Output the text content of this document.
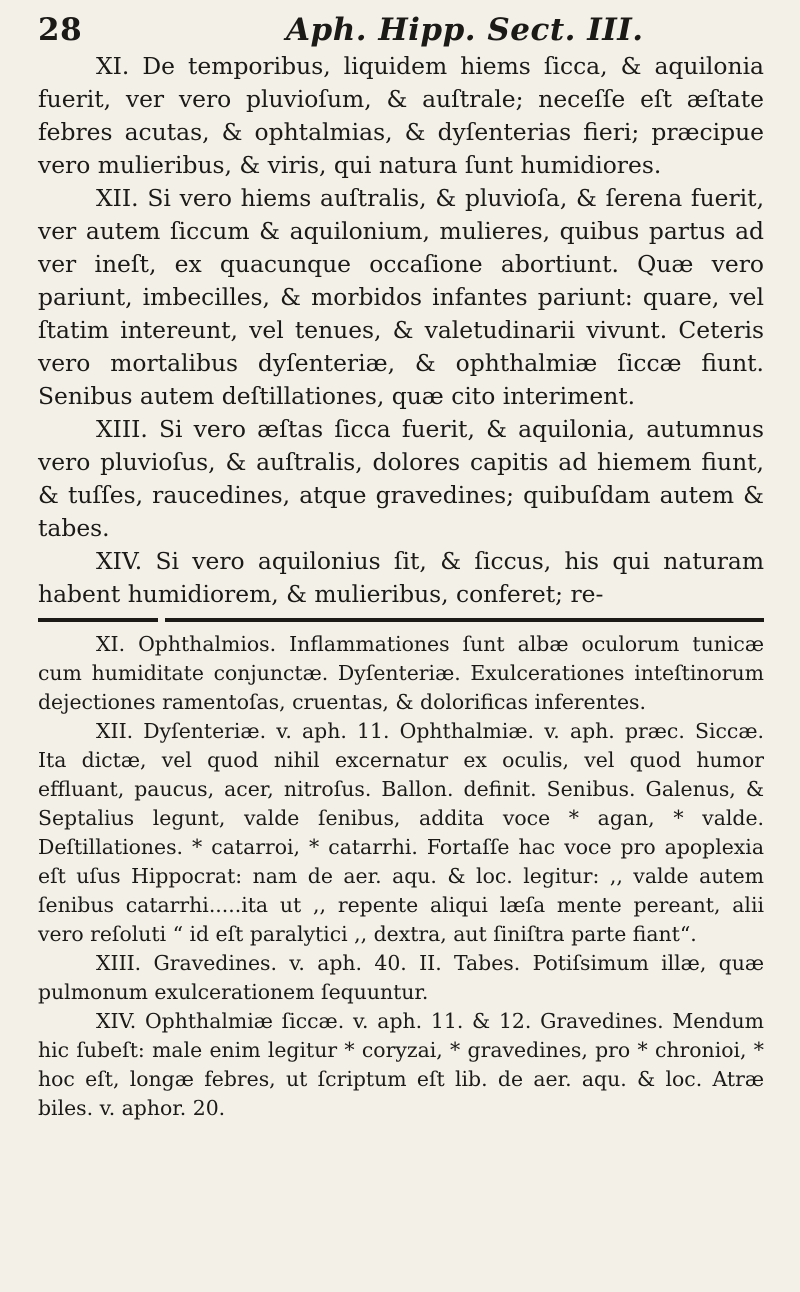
28	Aph. Hipp. Sect. III.

XI. De temporibus, liquidem hiems ſicca, & aquilonia fuerit, ver vero pluvioſum, & auſtrale; neceſſe eſt æſtate febres acutas, & ophtalmias, & dyſenterias fieri; præcipue vero mulieribus, & viris, qui natura ſunt humidiores.

XII. Si vero hiems auſtralis, & pluvioſa, & ſerena fuerit, ver autem ſiccum & aquilonium, mulieres, quibus partus ad ver ineſt, ex quacunque occaſione abortiunt. Quæ vero pariunt, imbecilles, & morbidos infantes pariunt: quare, vel ſtatim intereunt, vel tenues, & valetudinarii vivunt. Ceteris vero mortalibus dyſenteriæ, & ophthalmiæ ſiccæ fiunt. Senibus autem deſtillationes, quæ cito interiment.

XIII. Si vero æſtas ſicca fuerit, & aquilonia, autumnus vero pluvioſus, & auſtralis, dolores capitis ad hiemem fiunt, & tuſſes, raucedines, atque gravedines; quibuſdam autem & tabes.

XIV. Si vero aquilonius ſit, & ſiccus, his qui naturam habent humidiorem, & mulieribus, conferet; re-

XI. Ophthalmios. Inflammationes ſunt albæ oculorum tunicæ cum humiditate conjunctæ. Dyſenteriæ. Exulcerationes inteſtinorum dejectiones ramentoſas, cruentas, & dolorificas inferentes.

XII. Dyſenteriæ. v. aph. 11. Ophthalmiæ. v. aph. præc. Siccæ. Ita dictæ, vel quod nihil excernatur ex oculis, vel quod humor effluant, paucus, acer, nitroſus. Ballon. definit. Senibus. Galenus, & Septalius legunt, valde ſenibus, addita voce * agan, * valde. Deſtillationes. * catarroi, * catarrhi. Fortaſſe hac voce pro apoplexia eſt uſus Hippocrat: nam de aer. aqu. & loc. legitur: ,, valde autem ſenibus catarrhi.....ita ut ,, repente aliqui læſa mente pereant, alii vero reſoluti “ id eſt paralytici ,, dextra, aut ſiniſtra parte fiant“.

XIII. Gravedines. v. aph. 40. II. Tabes. Potiſsimum illæ, quæ pulmonum exulcerationem ſequuntur.

XIV. Ophthalmiæ ſiccæ. v. aph. 11. & 12. Gravedines. Mendum hic ſubeſt: male enim legitur * coryzai, * gravedines, pro * chronioi, * hoc eſt, longæ febres, ut ſcriptum eſt lib. de aer. aqu. & loc. Atræ biles. v. aphor. 20.
